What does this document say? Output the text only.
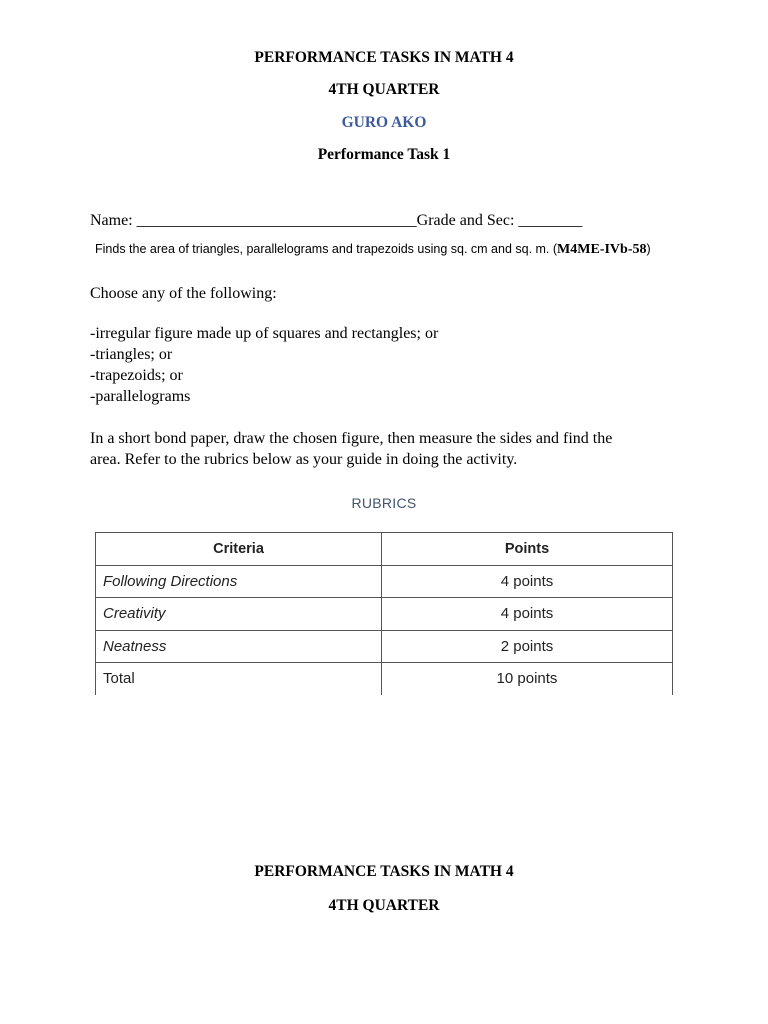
PERFORMANCE TASKS IN MATH 4
4TH QUARTER
GURO AKO
Performance Task 1
Name: ___________________________________Grade and Sec: ________
Finds the area of triangles, parallelograms and trapezoids using sq. cm and sq. m. (M4ME-IVb-58)
Choose any of the following:
-irregular figure made up of squares and rectangles; or
-triangles; or
-trapezoids; or
-parallelograms
In a short bond paper, draw the chosen figure, then measure the sides and find the
area. Refer to the rubrics below as your guide in doing the activity.
RUBRICS
Criteria	Points
Following Directions	4 points
Creativity	4 points
Neatness	2 points
Total	10 points
PERFORMANCE TASKS IN MATH 4
4TH QUARTER
